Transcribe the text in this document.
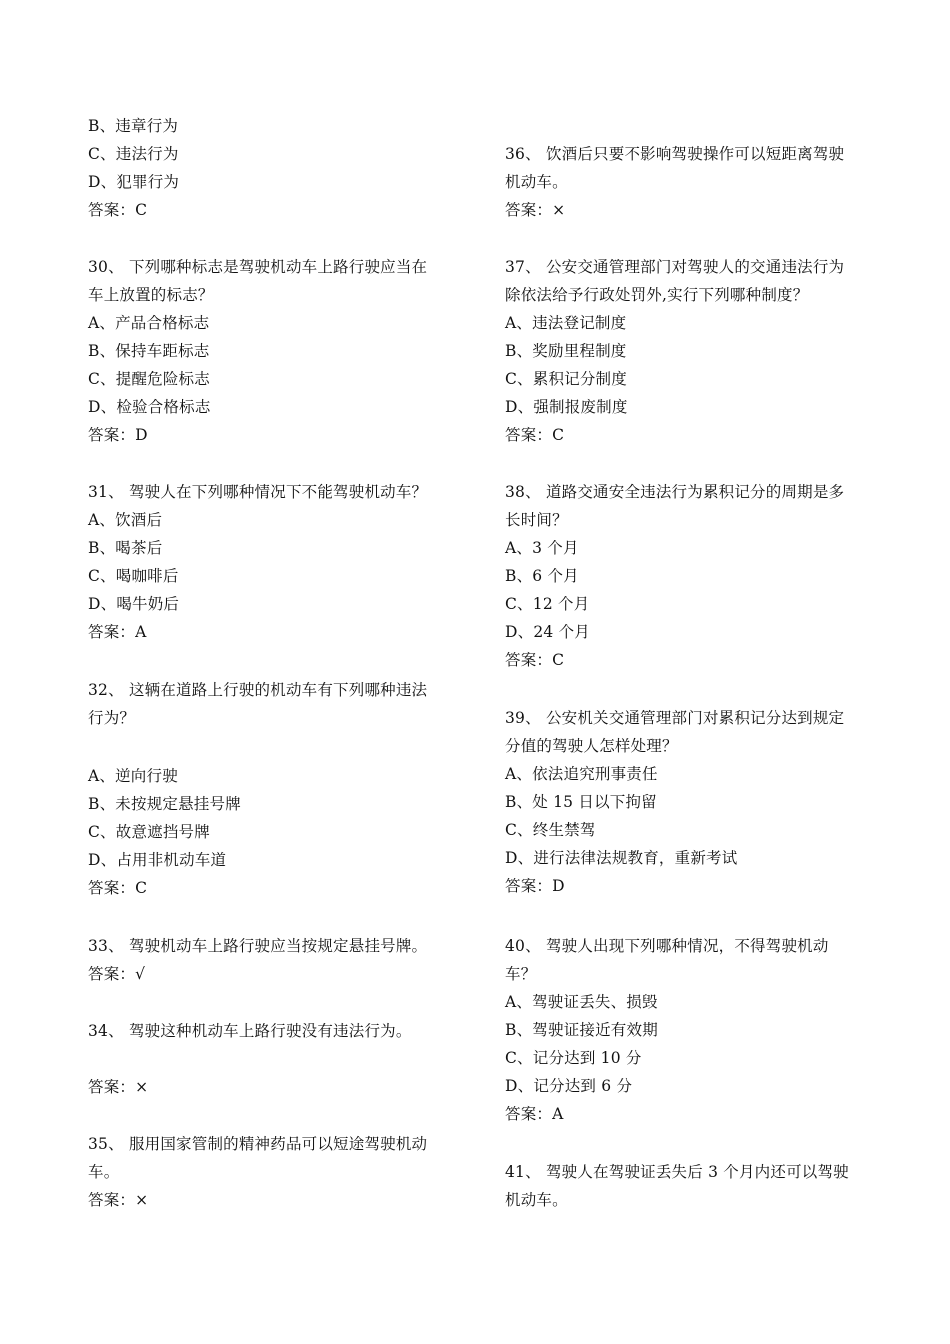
B、违章行为
C、违法行为
D、犯罪行为
答案：C
30、 下列哪种标志是驾驶机动车上路行驶应当在
车上放置的标志？
A、产品合格标志
B、保持车距标志
C、提醒危险标志
D、检验合格标志
答案：D
31、 驾驶人在下列哪种情况下不能驾驶机动车？
A、饮酒后
B、喝茶后
C、喝咖啡后
D、喝牛奶后
答案：A
32、 这辆在道路上行驶的机动车有下列哪种违法
行为？
A、逆向行驶
B、未按规定悬挂号牌
C、故意遮挡号牌
D、占用非机动车道
答案：C
33、 驾驶机动车上路行驶应当按规定悬挂号牌。
答案：√
34、 驾驶这种机动车上路行驶没有违法行为。
答案：×
35、 服用国家管制的精神药品可以短途驾驶机动
车。
答案：×
36、 饮酒后只要不影响驾驶操作可以短距离驾驶
机动车。
答案：×
37、 公安交通管理部门对驾驶人的交通违法行为
除依法给予行政处罚外,实行下列哪种制度？
A、违法登记制度
B、奖励里程制度
C、累积记分制度
D、强制报废制度
答案：C
38、 道路交通安全违法行为累积记分的周期是多
长时间？
A、3 个月
B、6 个月
C、12 个月
D、24 个月
答案：C
39、 公安机关交通管理部门对累积记分达到规定
分值的驾驶人怎样处理？
A、依法追究刑事责任
B、处 15 日以下拘留
C、终生禁驾
D、进行法律法规教育，重新考试
答案：D
40、 驾驶人出现下列哪种情况，不得驾驶机动
车？
A、驾驶证丢失、损毁
B、驾驶证接近有效期
C、记分达到 10 分
D、记分达到 6 分
答案：A
41、 驾驶人在驾驶证丢失后 3 个月内还可以驾驶
机动车。
